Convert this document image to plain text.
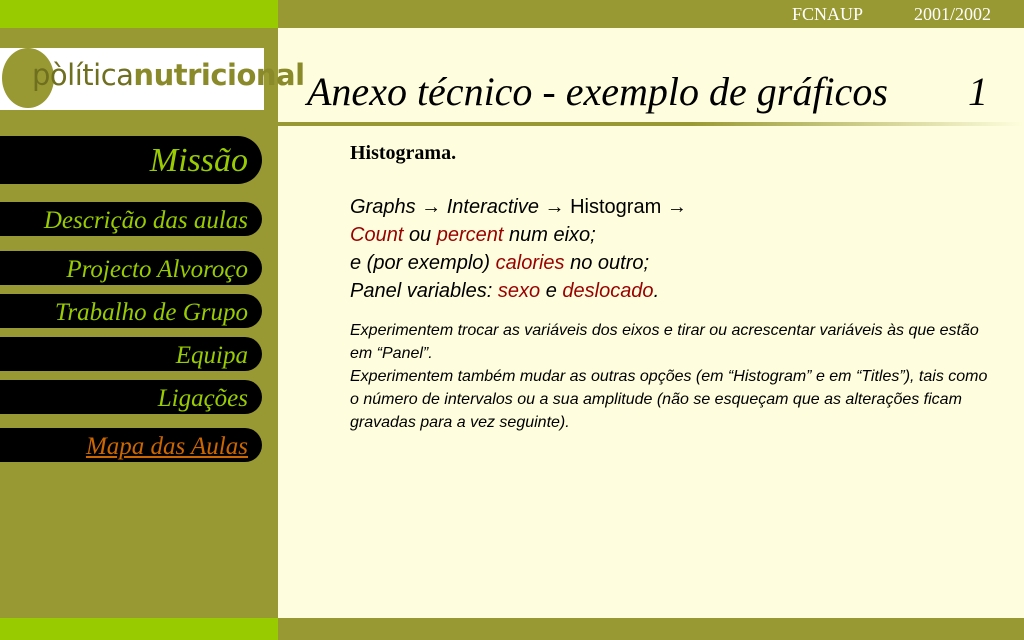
FCNAUP	2001/2002
pòlíticanutricional Anexo técnico - exemplo de gráficos 1
Missão
Descrição das aulas
Projecto Alvoroço
Trabalho de Grupo
Equipa
Ligações
Mapa das Aulas

Histograma.

Graphs → Interactive → Histogram →
Count ou percent num eixo;
e (por exemplo) calories no outro;
Panel variables: sexo e deslocado.

Experimentem trocar as variáveis dos eixos e tirar ou acrescentar variáveis às que estão em “Panel”.

Experimentem também mudar as outras opções (em “Histogram” e em “Titles”), tais como o número de intervalos ou a sua amplitude (não se esqueçam que as alterações ficam gravadas para a vez seguinte).
